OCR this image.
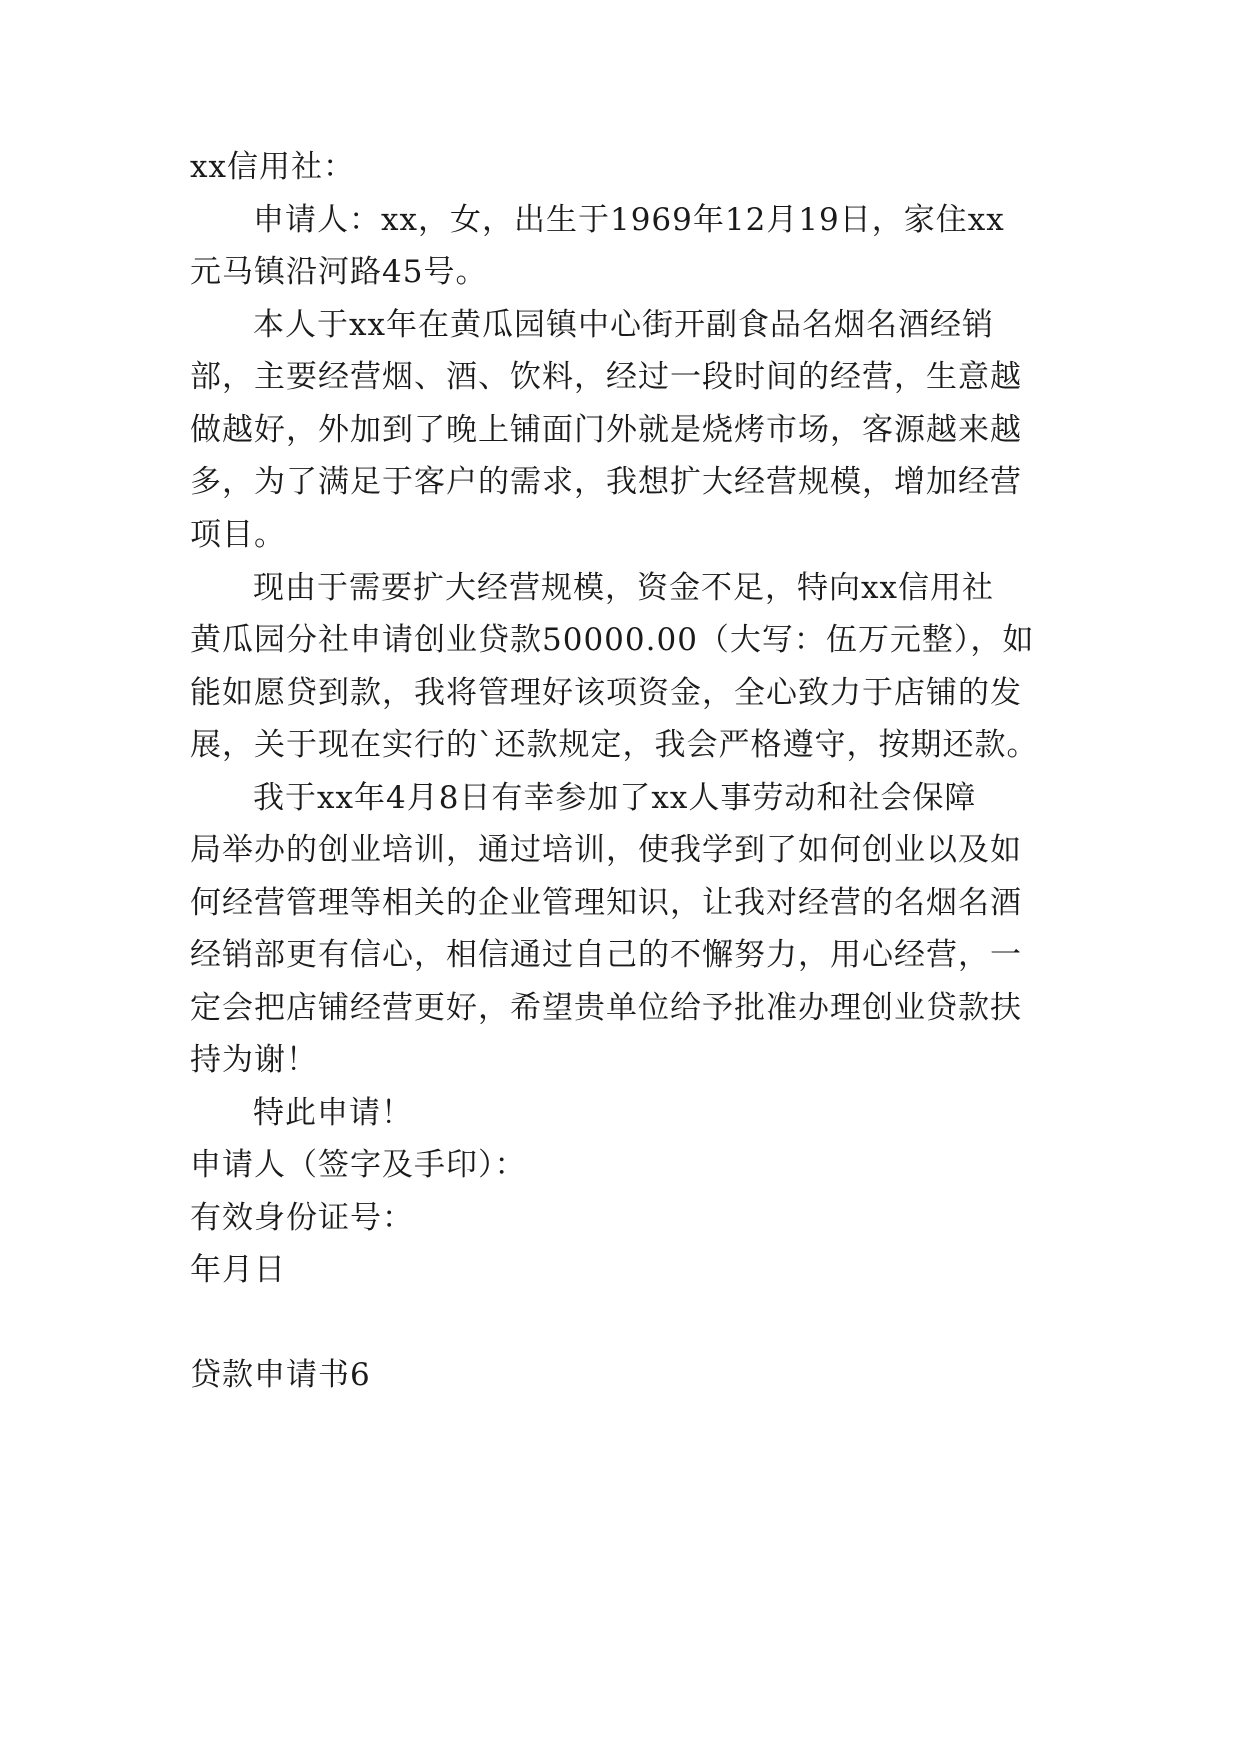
xx信用社：
申请人：xx，女，出生于1969年12月19日，家住xx
元马镇沿河路45号。
本人于xx年在黄瓜园镇中心街开副食品名烟名酒经销
部，主要经营烟、酒、饮料，经过一段时间的经营，生意越
做越好，外加到了晚上铺面门外就是烧烤市场，客源越来越
多，为了满足于客户的需求，我想扩大经营规模，增加经营
项目。
现由于需要扩大经营规模，资金不足，特向xx信用社
黄瓜园分社申请创业贷款50000.00（大写：伍万元整），如
能如愿贷到款，我将管理好该项资金，全心致力于店铺的发
展，关于现在实行的`还款规定，我会严格遵守，按期还款。
我于xx年4月8日有幸参加了xx人事劳动和社会保障
局举办的创业培训，通过培训，使我学到了如何创业以及如
何经营管理等相关的企业管理知识，让我对经营的名烟名酒
经销部更有信心，相信通过自己的不懈努力，用心经营，一
定会把店铺经营更好，希望贵单位给予批准办理创业贷款扶
持为谢！
特此申请！
申请人（签字及手印）：
有效身份证号：
年月日
贷款申请书6
